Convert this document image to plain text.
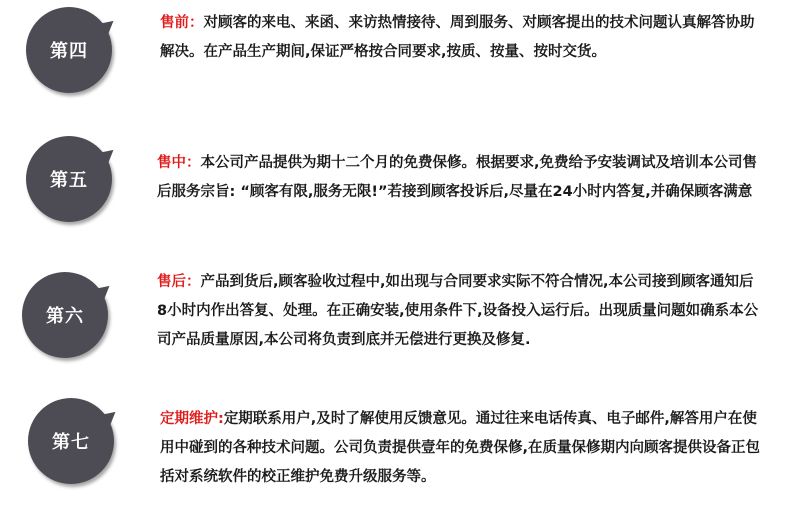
第四
售前：对顾客的来电、来函、来访热情接待、周到服务、对顾客提出的技术问题认真解答协助解决。在产品生产期间,保证严格按合同要求,按质、按量、按时交货。
第五
售中：本公司产品提供为期十二个月的免费保修。根据要求,免费给予安装调试及培训本公司售后服务宗旨: “顾客有限,服务无限!”若接到顾客投诉后,尽量在24小时内答复,并确保顾客满意
第六
售后：产品到货后,顾客验收过程中,如出现与合同要求实际不符合情况,本公司接到顾客通知后8小时内作出答复、处理。在正确安装,使用条件下,设备投入运行后。出现质量问题如确系本公司产品质量原因,本公司将负责到底并无偿进行更换及修复.
第七
定期维护:定期联系用户,及时了解使用反馈意见。通过往来电话传真、电子邮件,解答用户在使用中碰到的各种技术问题。公司负责提供壹年的免费保修,在质量保修期内向顾客提供设备正包括对系统软件的校正维护免费升级服务等。
